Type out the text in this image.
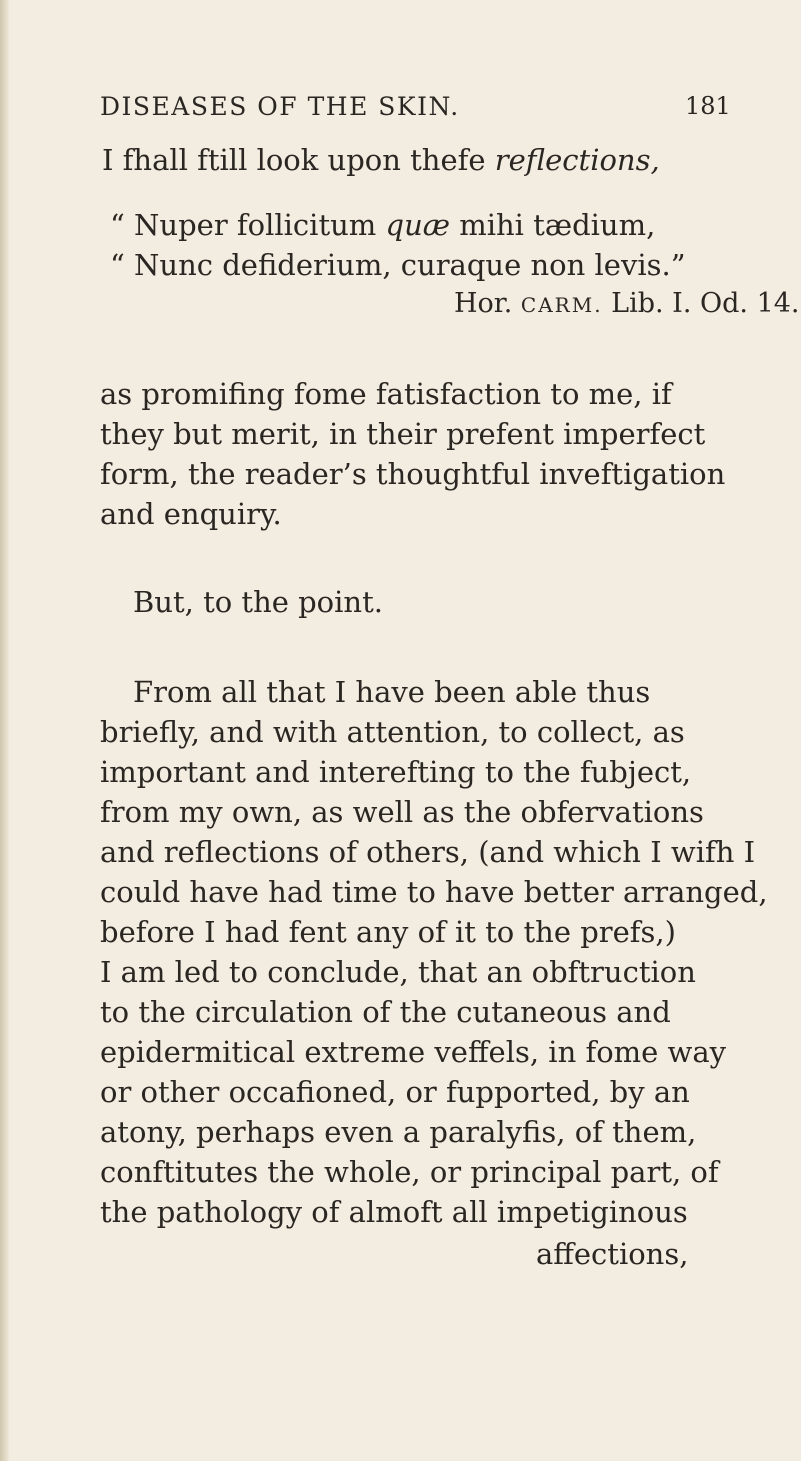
DISEASES OF THE SKIN.	181
I fhall ftill look upon thefe reflections,
“ Nuper follicitum quæ mihi tædium,
“ Nunc defiderium, curaque non levis.”
Hor. CARM. Lib. I. Od. 14.
as promifing fome fatisfaction to me, if
they but merit, in their prefent imperfect
form, the reader’s thoughtful inveftigation
and enquiry.
But, to the point.
From all that I have been able thus
briefly, and with attention, to collect, as
important and interefting to the fubject,
from my own, as well as the obfervations
and reflections of others, (and which I wifh I
could have had time to have better arranged,
before I had fent any of it to the prefs,)
I am led to conclude, that an obftruction
to the circulation of the cutaneous and
epidermitical extreme veffels, in fome way
or other occafioned, or fupported, by an
atony, perhaps even a paralyfis, of them,
conftitutes the whole, or principal part, of
the pathology of almoft all impetiginous
affections,
